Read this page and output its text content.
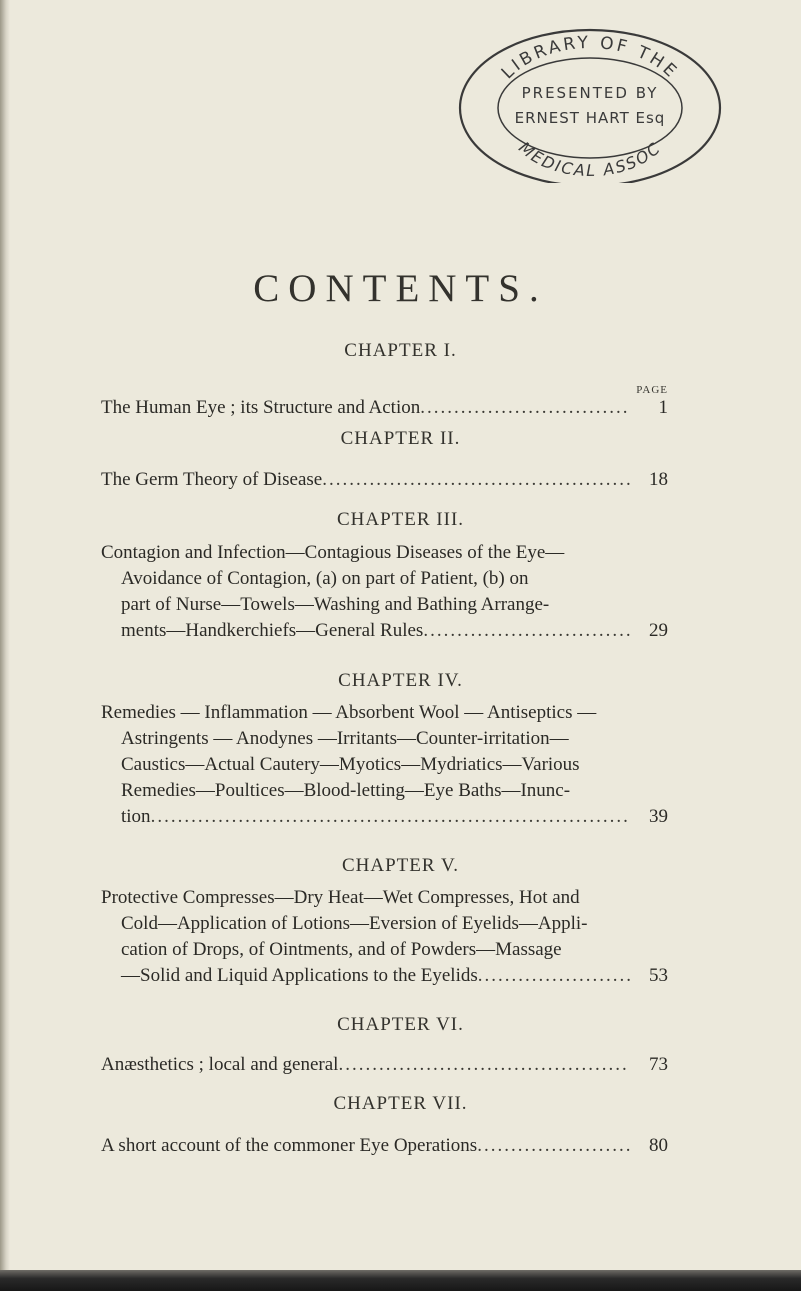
LIBRARY OF THE
PRESENTED BY
ERNEST HART Esq
MEDICAL ASSOC
CONTENTS.
PAGE
CHAPTER I.
The Human Eye ; its Structure and Action .....	1
CHAPTER II.
The Germ Theory of Disease .....	18
CHAPTER III.
Contagion and Infection—Contagious Diseases of the Eye—
Avoidance of Contagion, (a) on part of Patient, (b) on
part of Nurse—Towels—Washing and Bathing Arrange-
ments—Handkerchiefs—General Rules .....	29
CHAPTER IV.
Remedies — Inflammation — Absorbent Wool — Antiseptics —
Astringents — Anodynes —Irritants—Counter-irritation—
Caustics—Actual Cautery—Myotics—Mydriatics—Various
Remedies—Poultices—Blood-letting—Eye Baths—Inunc-
tion .....	39
CHAPTER V.
Protective Compresses—Dry Heat—Wet Compresses, Hot and
Cold—Application of Lotions—Eversion of Eyelids—Appli-
cation of Drops, of Ointments, and of Powders—Massage
—Solid and Liquid Applications to the Eyelids .....	53
CHAPTER VI.
Anæsthetics ; local and general .....	73
CHAPTER VII.
A short account of the commoner Eye Operations .....	80
